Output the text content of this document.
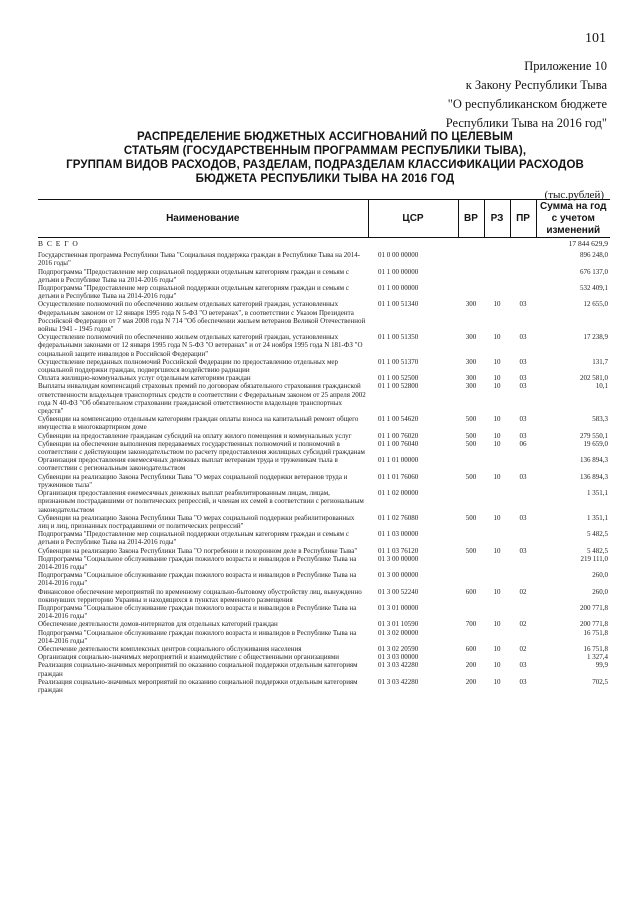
101
Приложение 10
к Закону Республики Тыва
"О республиканском бюджете
Республики Тыва на 2016 год"
РАСПРЕДЕЛЕНИЕ БЮДЖЕТНЫХ АССИГНОВАНИЙ ПО ЦЕЛЕВЫМ
СТАТЬЯМ (ГОСУДАРСТВЕННЫМ ПРОГРАММАМ РЕСПУБЛИКИ ТЫВА),
ГРУППАМ ВИДОВ РАСХОДОВ, РАЗДЕЛАМ, ПОДРАЗДЕЛАМ КЛАССИФИКАЦИИ РАСХОДОВ
БЮДЖЕТА РЕСПУБЛИКИ ТЫВА НА 2016 ГОД
(тыс.рублей)
Наименование	ЦСР	ВР	РЗ	ПР	Сумма на год с учетом изменений
В С Е Г О					17 844 629,9
Государственная программа Республики Тыва "Социальная поддержка граждан в Республике Тыва на 2014-2016 годы"	01 0 00 00000				896 248,0
Подпрограмма "Предоставление мер социальной поддержки отдельным категориям граждан и семьям с детьми в Республике Тыва на 2014-2016 годы"	01 1 00 00000				676 137,0
Подпрограмма "Предоставление мер социальной поддержки отдельным категориям граждан и семьям с детьми в Республике Тыва на 2014-2016 годы"	01 1 00 00000				532 409,1
Осуществление полномочий по обеспечению жильем отдельных категорий граждан, установленных Федеральным законом от 12 января 1995 года N 5-ФЗ "О ветеранах", в соответствии с Указом Президента Российской Федерации от 7 мая 2008 года N 714 "Об обеспечении жильем ветеранов Великой Отечественной войны 1941 - 1945 годов"	01 1 00 51340	300	10	03	12 655,0
Осуществление полномочий по обеспечению жильем отдельных категорий граждан, установленных федеральными законами от 12 января 1995 года N 5-ФЗ "О ветеранах" и от 24 ноября 1995 года N 181-ФЗ "О социальной защите инвалидов в Российской Федерации"	01 1 00 51350	300	10	03	17 238,9
Осуществление переданных полномочий Российской Федерации по предоставлению отдельных мер социальной поддержки граждан, подвергшихся воздействию радиации	01 1 00 51370	300	10	03	131,7
Оплата жилищно-коммунальных услуг отдельным категориям граждан	01 1 00 52500	300	10	03	202 581,0
Выплаты инвалидам компенсаций страховых премий по договорам обязательного страхования гражданской ответственности владельцев транспортных средств в соответствии с Федеральным законом от 25 апреля 2002 года N 40-ФЗ "Об обязательном страховании гражданской ответственности владельцев транспортных средств"	01 1 00 52800	300	10	03	10,1
Субвенции на компенсацию отдельным категориям граждан оплаты взноса на капитальный ремонт общего имущества в многоквартирном доме	01 1 00 54620	500	10	03	583,3
Субвенции на предоставление гражданам субсидий на оплату жилого помещения и коммунальных услуг	01 1 00 76020	500	10	03	279 550,1
Субвенции на обеспечение выполнения передаваемых государственных полномочий и полномочий в соответствии с действующим законодательством по расчету предоставления жилищных субсидий гражданам	01 1 00 76040	500	10	06	19 659,0
Организация предоставления ежемесячных денежных выплат ветеранам труда и труженикам тыла в соответствии с региональным законодательством	01 1 01 00000				136 894,3
Субвенции на реализацию Закона Республики Тыва "О мерах социальной поддержки ветеранов труда и тружеников тыла"	01 1 01 76060	500	10	03	136 894,3
Организация предоставления ежемесячных денежных выплат реабилитированным лицам, лицам, признанным пострадавшими от политических репрессий, и членам их семей в соответствии с региональным законодательством	01 1 02 00000				1 351,1
Субвенции на реализацию Закона Республики Тыва "О мерах социальной поддержки реабилитированных лиц и лиц, признанных пострадавшими от политических репрессий"	01 1 02 76080	500	10	03	1 351,1
Подпрограмма "Предоставление мер социальной поддержки отдельным категориям граждан и семьям с детьми в Республике Тыва на 2014-2016 годы"	01 1 03 00000				5 482,5
Субвенции на реализацию Закона Республики Тыва "О погребении и похоронном деле в Республике Тыва"	01 1 03 76120	500	10	03	5 482,5
Подпрограмма "Социальное обслуживание граждан пожилого возраста и инвалидов в Республике Тыва на 2014-2016 годы"	01 3 00 00000				219 111,0
Подпрограмма "Социальное обслуживание граждан пожилого возраста и инвалидов в Республике Тыва на 2014-2016 годы"	01 3 00 00000				260,0
Финансовое обеспечение мероприятий по временному социально-бытовому обустройству лиц, вынужденно покинувших территорию Украины и находящихся в пунктах временного размещения	01 3 00 52240	600	10	02	260,0
Подпрограмма "Социальное обслуживание граждан пожилого возраста и инвалидов в Республике Тыва на 2014-2016 годы"	01 3 01 00000				200 771,8
Обеспечение деятельности домов-интернатов для отдельных категорий граждан	01 3 01 10590	700	10	02	200 771,8
Подпрограмма "Социальное обслуживание граждан пожилого возраста и инвалидов в Республике Тыва на 2014-2016 годы"	01 3 02 00000				16 751,8
Обеспечение деятельности комплексных центров социального обслуживания населения	01 3 02 20590	600	10	02	16 751,8
Организация социально-значимых мероприятий и взаимодействие с общественными организациями	01 3 03 00000				1 327,4
Реализация социально-значимых мероприятий по оказанию социальной поддержки отдельным категориям граждан	01 3 03 42280	200	10	03	99,9
Реализация социально-значимых мероприятий по оказанию социальной поддержки отдельным категориям граждан	01 3 03 42280	200	10	03	702,5
